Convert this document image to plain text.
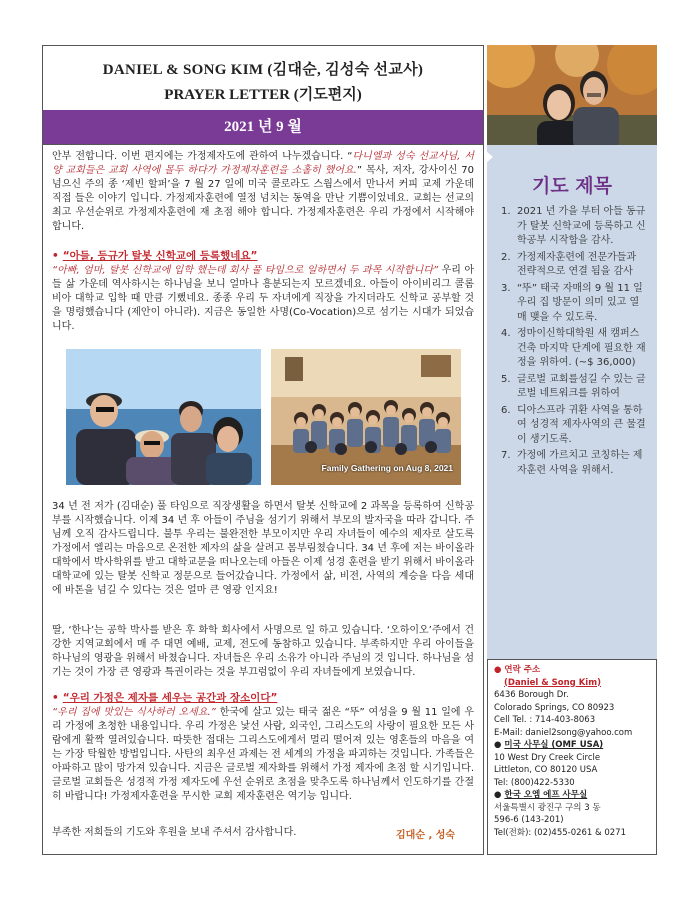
DANIEL & SONG KIM (김대순, 김성숙 선교사)
PRAYER LETTER (기도편지)
2021 년 9 월
안부 전합니다. 이번 편지에는 가정제자도에 관하여 나누겠습니다. “다니엘과 성숙 선교사님, 서양 교회들은 교회 사역에 몰두 하다가 가정제자훈련을 소홀히 했어요.” 목사, 저자, 강사이신 70 넘으신 주의 종 ‘제빈 할퍼’을 7 월 27 일에 미국 콜로라도 스웜스에서 만나서 커피 교제 가운데 직접 들은 이야기 입니다. 가정제자훈련에 열정 넘치는 동역을 만난 기쁨이었네요. 교회는 선교의 최고 우선순위로 가정제자훈련에 재 초점 해야 합니다. 가정제자훈련은 우리 가정에서 시작해야 합니다.
• “아들, 등규가 탈봇 신학교에 등록했네요”
“아빠, 엄마, 탈봇 신학교에 입학 했는데 회사 풀 타임으로 일하면서 두 과목 시작합니다” 우리 아들 삶 가운데 역사하시는 하나님을 보니 얼마나 흥분되는지 모르겠네요. 아들이 아이비리그 콜롬비아 대학교 입학 때 만큼 기뻤네요. 종종 우리 두 자녀에게 직장을 가지더라도 신학교 공부할 것을 명령했습니다 (제안이 아니라). 지금은 동일한 사명(Co-Vocation)으로 섬기는 시대가 되었습니다.
Family Gathering on Aug 8, 2021
34 년 전 저가 (김대순) 풀 타임으로 직장생활을 하면서 탈봇 신학교에 2 과목을 등록하여 신학공부를 시작했습니다. 이제 34 년 후 아들이 주님을 섬기기 위해서 부모의 발자국을 따라 갑니다. 주님께 오직 감사드립니다. 불투 우리는 불완전한 부모이지만 우리 자녀들이 예수의 제자로 살도록 가정에서 엘리는 마음으로 온전한 제자의 삶을 살려고 몸부림쳤습니다. 34 년 후에 저는 바이올라 대학에서 박사학위를 받고 대학교문을 떠나오는데 아들은 이제 성경 훈련을 받기 위해서 바이올라 대학교에 있는 탈봇 신학교 정문으로 들어갔습니다. 가정에서 삶, 비전, 사역의 계승을 다음 세대에 바톤을 넘길 수 있다는 것은 얼마 큰 영광 인지요!
딸, ‘한나’는 공학 박사를 받은 후 화학 회사에서 사명으로 일 하고 있습니다. ‘오하이오’주에서 건강한 지역교회에서 매 주 대면 예배, 교제, 전도에 동참하고 있습니다. 부족하지만 우리 아이들을 하나님의 영광을 위해서 바쳤습니다. 자녀들은 우리 소유가 아니라 주님의 것 입니다. 하나님을 섬기는 것이 가장 큰 영광과 특권이라는 것을 부끄럼없이 우리 자녀들에게 보였습니다.
• “우리 가정은 제자를 세우는 공간과 장소이다”
“우리 집에 맛있는 식사하러 오세요.” 한국에 살고 있는 태국 젊은 “뚜” 여성을 9 월 11 일에 우리 가정에 초청한 내용입니다. 우리 가정은 낯선 사람, 외국인, 그리스도의 사랑이 필요한 모든 사람에게 활짝 열려있습니다. 따뜻한 접대는 그리스도에게서 멀리 떨어져 있는 영혼들의 마음을 여는 가장 탁월한 방법입니다. 사탄의 최우선 과제는 전 세계의 가정을 파괴하는 것입니다. 가족들은 아파하고 많이 망가져 있습니다. 지금은 글로벌 제자화를 위해서 가정 제자에 초점 할 시기입니다. 글로벌 교회들은 성경적 가정 제자도에 우선 순위로 초점을 맞추도록 하나님께서 인도하기를 간절히 바랍니다! 가정제자훈련을 무시한 교회 제자훈련은 역기능 입니다.
부족한 저희들의 기도와 후원을 보내 주셔서 감사합니다.	김대순 , 성숙
기도 제목
1. 2021 년 가을 부터 아들 동규가 탈봇 신학교에 등록하고 신학공부 시작함을 감사.
2. 가정제자훈련에 전문가들과 전략적으로 연결 됨을 감사
3. “뚜” 태국 자매의 9 월 11 일 우리 집 방문이 의미 있고 열매 맺을 수 있도록.
4. 정마이신학대학원 새 캠퍼스 건축 마지막 단계에 필요한 재정을 위하여. (~$ 36,000)
5. 글로벌 교회를섬길 수 있는 글로벌 네트워크를 위하여
6. 디아스프라 귀환 사역을 통하여 성경적 제자사역의 큰 물결이 생기도록.
7. 가정에 가르치고 코칭하는 제자훈련 사역을 위해서.
● 연락 주소
(Daniel & Song Kim)
6436 Borough Dr.
Colorado Springs, CO 80923
Cell Tel. : 714-403-8063
E-Mail: daniel2song@yahoo.com
● 미국 사무실 (OMF USA)
10 West Dry Creek Circle
Littleton, CO 80120 USA
Tel: (800)422-5330
● 한국 오엠 에프 사무실
서울특별시 광진구 구의 3 동
596-6 (143-201)
Tel(전화): (02)455-0261 & 0271
